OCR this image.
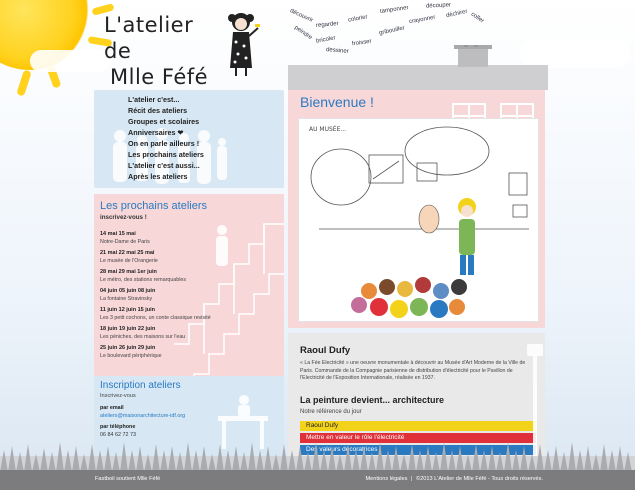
L'atelier de
Mlle Féfé
découvrir
regarder
colorier
tamponner	découper
coller
peindre bricoler
dessiner
froisser
gribouiller
crayonner
déchirer
L'atelier c'est...
Récit des ateliers
Groupes et scolaires
Anniversaires ❤
On en parle ailleurs !
Les prochains ateliers
L'atelier c'est aussi...
Après les ateliers
Les prochains ateliers
inscrivez-vous !
14 mai 15 mai
Notre-Dame de Paris
21 mai 22 mai 25 mai
Le musée de l'Orangerie
28 mai 29 mai 1er juin
Le métro, des stations remarquables
04 juin 05 juin 08 juin
La fontaine Stravinsky
11 juin 12 juin 15 juin
Les 3 petit cochons, un conte classique revisité
18 juin 19 juin 22 juin
Les péniches, des maisons sur l'eau
25 juin 26 juin 29 juin
Le boulevard périphérique
Inscription ateliers
Inscrivez-vous
par email
ateliers@maisonarchitecture-idf.org
par téléphone
06 84 62 72 73
Bienvenue !
AU MUSÉE...
Raoul Dufy
« La Fée Electricité » une oeuvre monumentale à découvrir au Musée d'Art Moderne de la Ville de Paris. Commande de la Compagnie parisienne de distribution d'électricité pour le Pavillon de l'Electricité de l'Exposition Internationale, réalisée en 1937.
La peinture devient... architecture
Notre référence du jour
Raoul Dufy
Mettre en valeur le rôle l'électricité
Des valeurs décoratrices
Fastboil soutient Mlle Féfé	Mentions légales | ©2013 L'Atelier de Mlle Féfé - Tous droits réservés.
